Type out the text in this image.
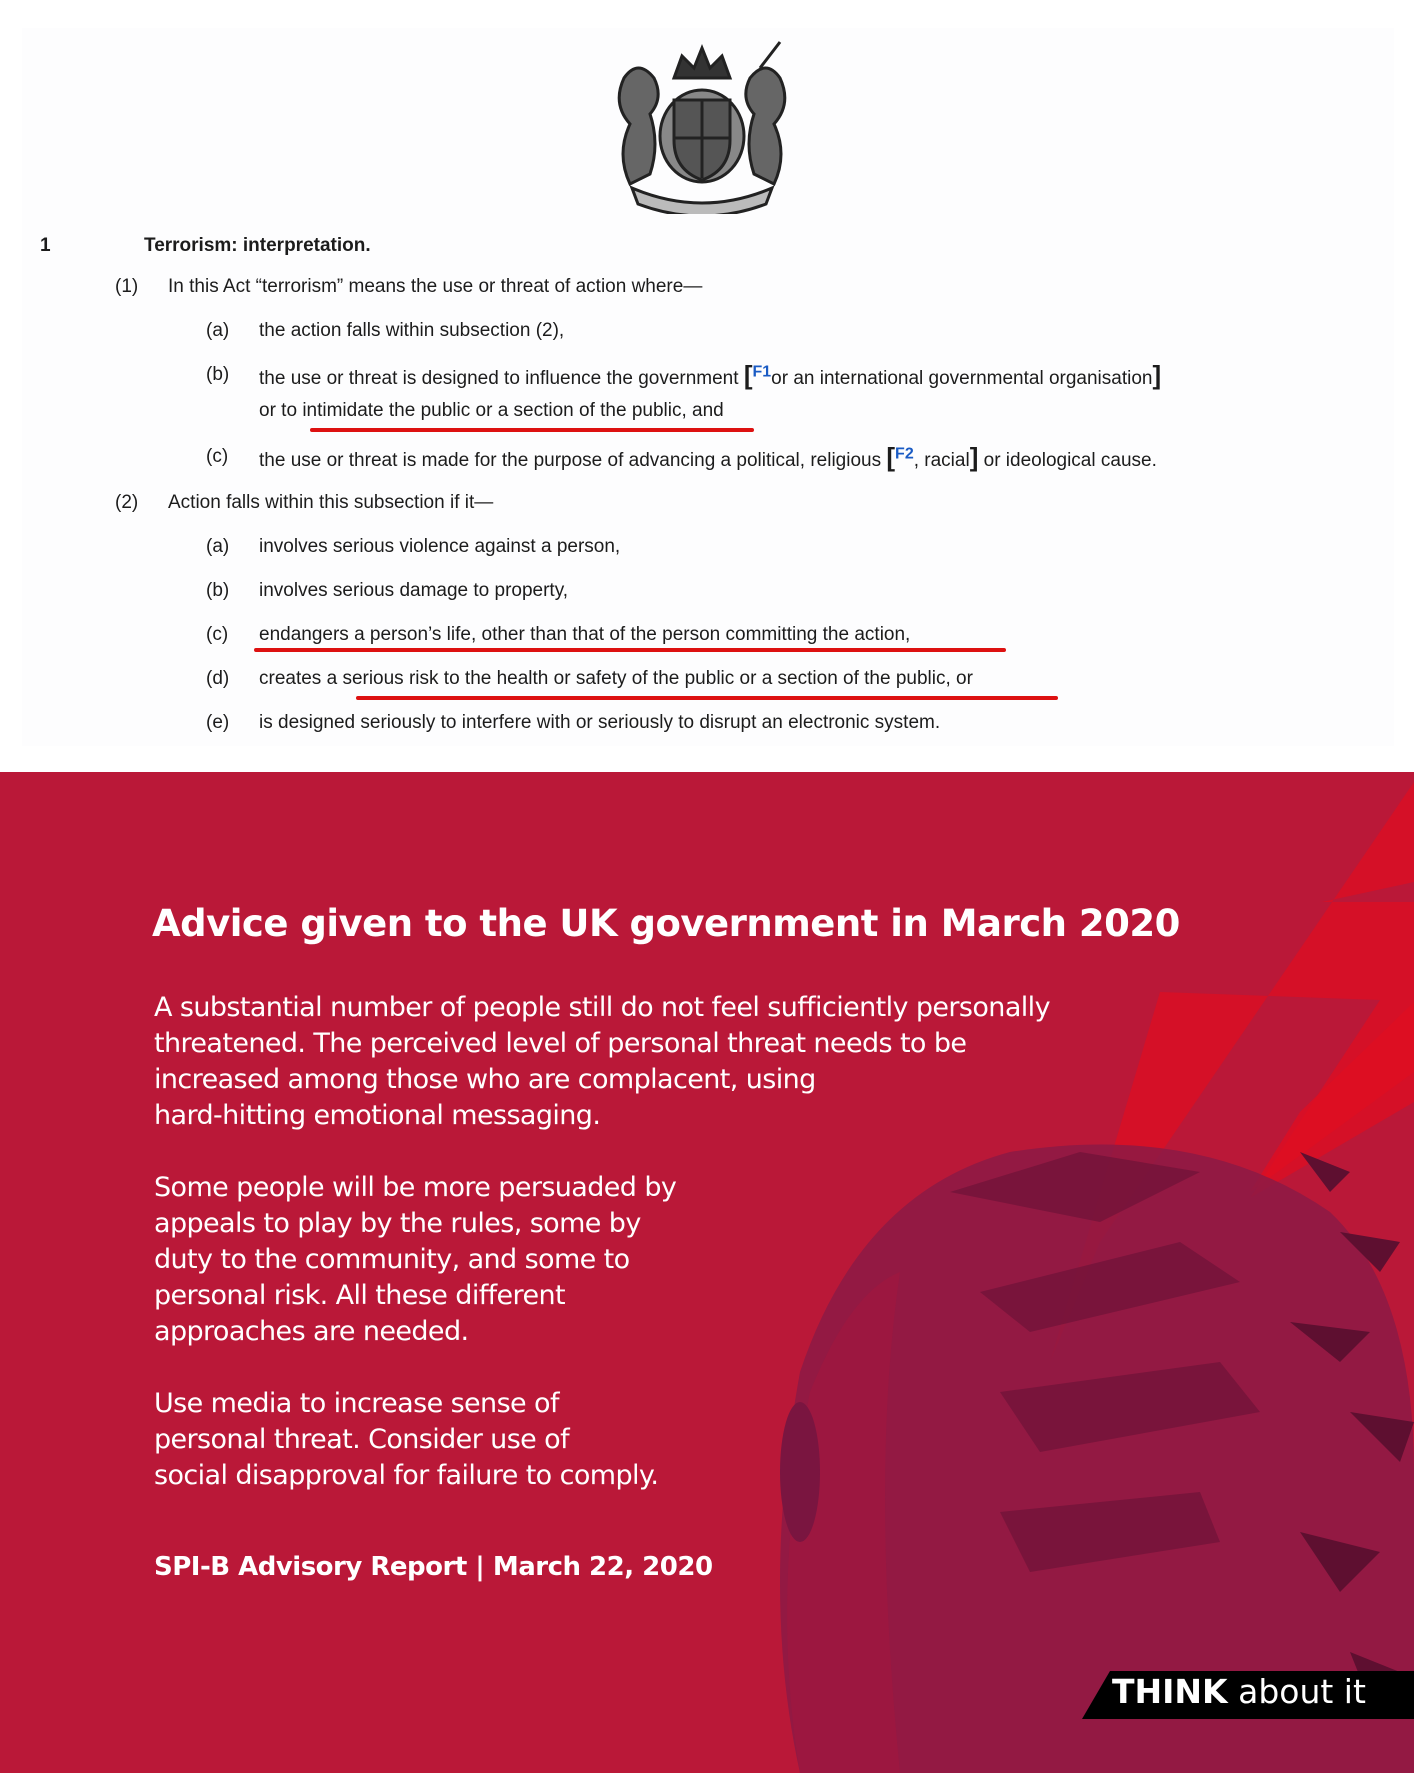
1	Terrorism: interpretation.
(1) In this Act “terrorism” means the use or threat of action where—
(a) the action falls within subsection (2),
(b) the use or threat is designed to influence the government [$^{F1}$or an international governmental organisation]
or to intimidate the public or a section of the public, and
(c) the use or threat is made for the purpose of advancing a political, religious [$^{F2}$, racial] or ideological cause.
(2) Action falls within this subsection if it—
(a) involves serious violence against a person,
(b) involves serious damage to property,
(c) endangers a person’s life, other than that of the person committing the action,
(d) creates a serious risk to the health or safety of the public or a section of the public, or
(e) is designed seriously to interfere with or seriously to disrupt an electronic system.
Advice given to the UK government in March 2020
A substantial number of people still do not feel sufficiently personally
threatened. The perceived level of personal threat needs to be
increased among those who are complacent, using
hard-hitting emotional messaging.
Some people will be more persuaded by
appeals to play by the rules, some by
duty to the community, and some to
personal risk. All these different
approaches are needed.
Use media to increase sense of
personal threat. Consider use of
social disapproval for failure to comply.
SPI-B Advisory Report | March 22, 2020
THINK about it
